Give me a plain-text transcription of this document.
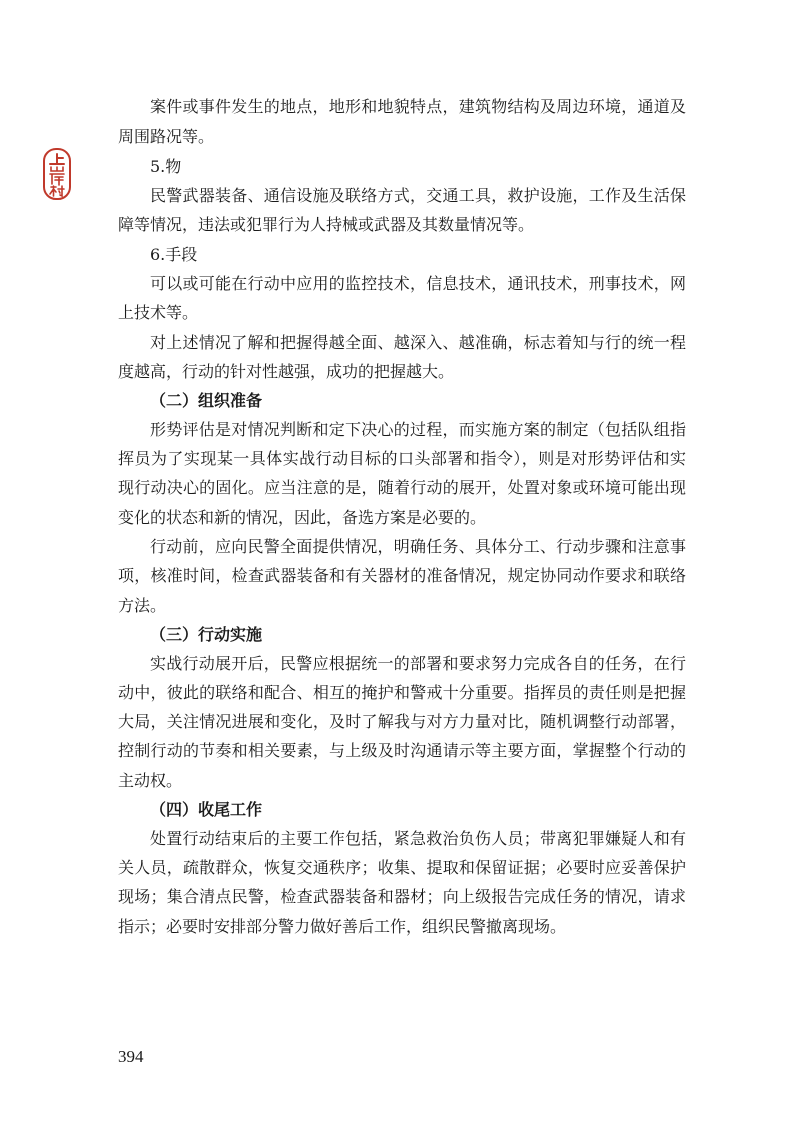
案件或事件发生的地点，地形和地貌特点，建筑物结构及周边环境，通道及
周围路况等。
5.物
民警武器装备、通信设施及联络方式，交通工具，救护设施，工作及生活保
障等情况，违法或犯罪行为人持械或武器及其数量情况等。
6.手段
可以或可能在行动中应用的监控技术，信息技术，通讯技术，刑事技术，网
上技术等。
对上述情况了解和把握得越全面、越深入、越准确，标志着知与行的统一程
度越高，行动的针对性越强，成功的把握越大。
（二）组织准备
形势评估是对情况判断和定下决心的过程，而实施方案的制定（包括队组指
挥员为了实现某一具体实战行动目标的口头部署和指令），则是对形势评估和实
现行动决心的固化。应当注意的是，随着行动的展开，处置对象或环境可能出现
变化的状态和新的情况，因此，备选方案是必要的。
行动前，应向民警全面提供情况，明确任务、具体分工、行动步骤和注意事
项，核准时间，检查武器装备和有关器材的准备情况，规定协同动作要求和联络
方法。
（三）行动实施
实战行动展开后，民警应根据统一的部署和要求努力完成各自的任务，在行
动中，彼此的联络和配合、相互的掩护和警戒十分重要。指挥员的责任则是把握
大局，关注情况进展和变化，及时了解我与对方力量对比，随机调整行动部署，
控制行动的节奏和相关要素，与上级及时沟通请示等主要方面，掌握整个行动的
主动权。
（四）收尾工作
处置行动结束后的主要工作包括，紧急救治负伤人员；带离犯罪嫌疑人和有
关人员，疏散群众，恢复交通秩序；收集、提取和保留证据；必要时应妥善保护
现场；集合清点民警，检查武器装备和器材；向上级报告完成任务的情况，请求
指示；必要时安排部分警力做好善后工作，组织民警撤离现场。
394
